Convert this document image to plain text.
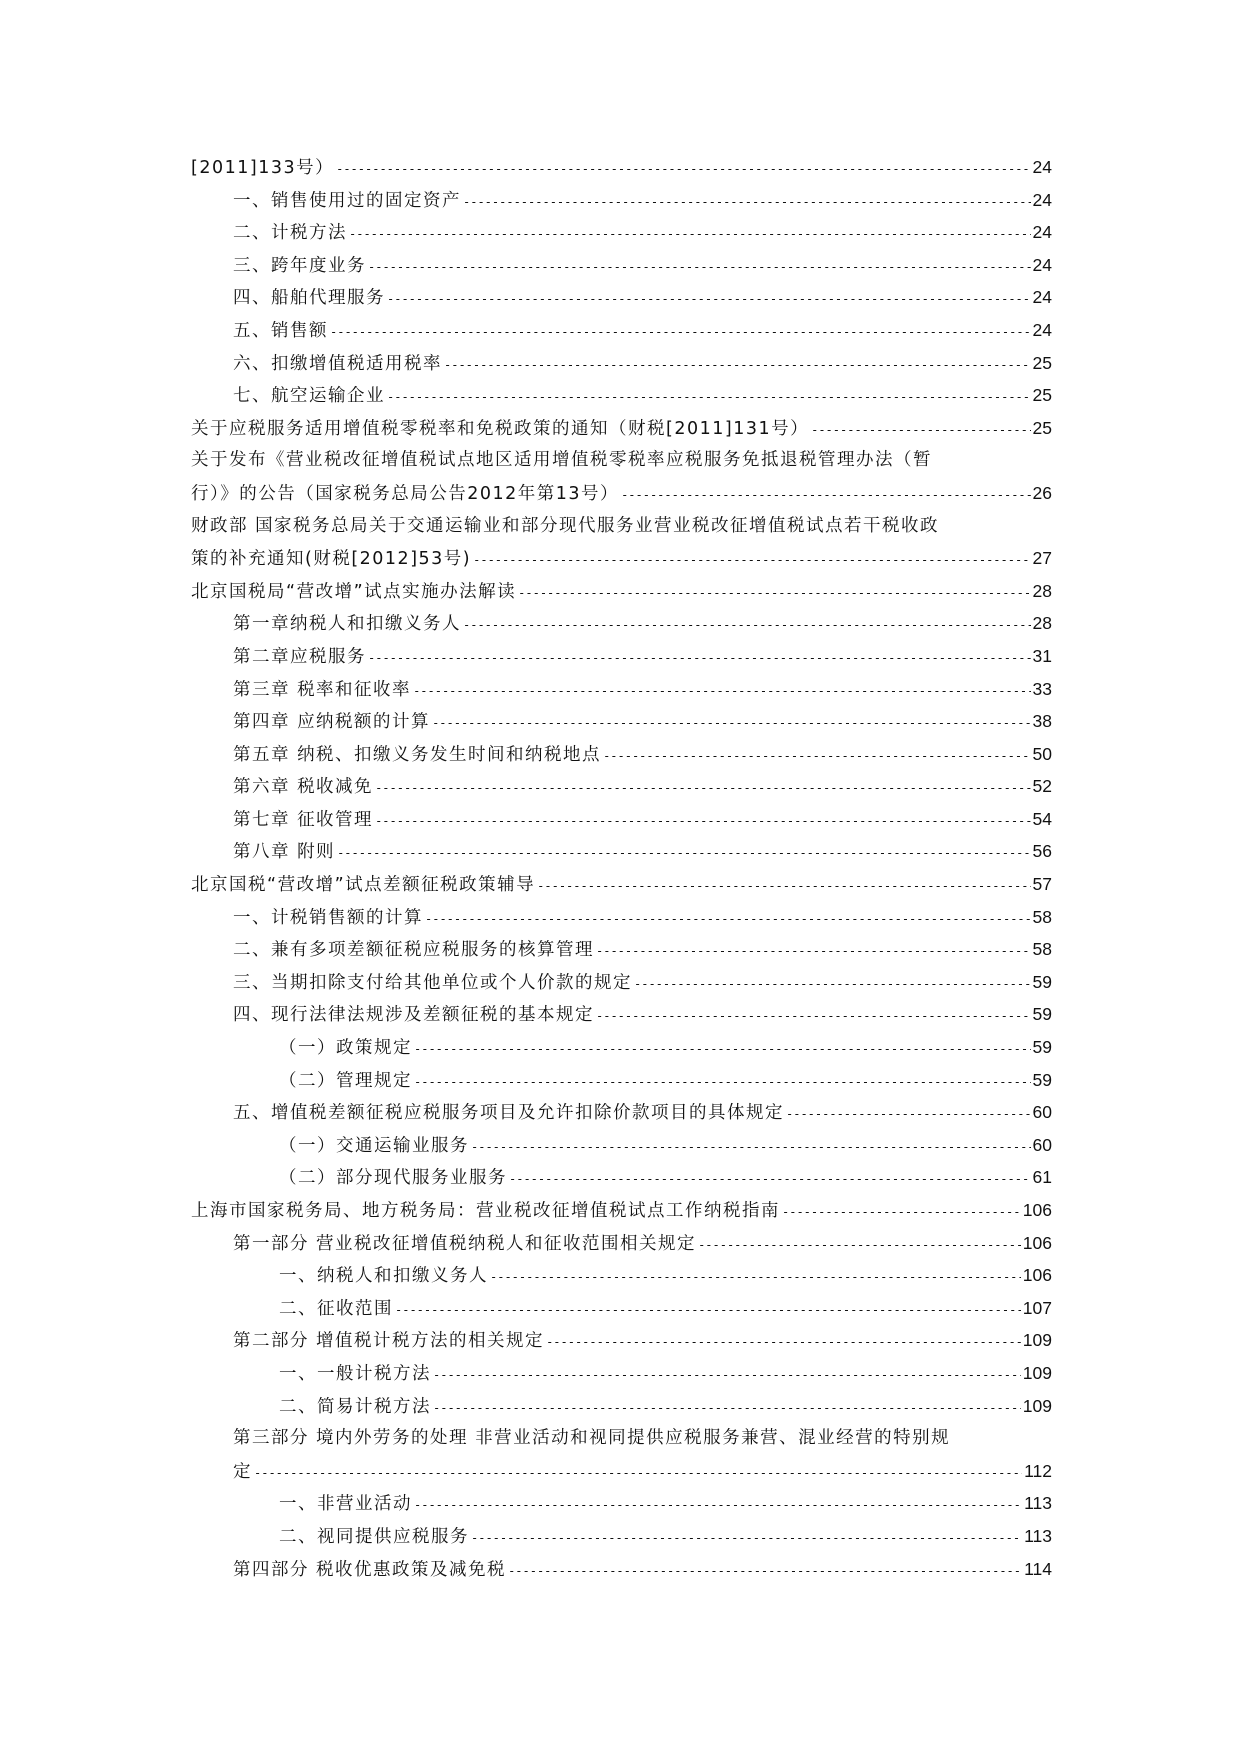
[2011]133号） -----	24
一、销售使用过的固定资产 -----	24
二、计税方法 -----	24
三、跨年度业务 -----	24
四、船舶代理服务 -----	24
五、销售额 -----	24
六、扣缴增值税适用税率 -----	25
七、航空运输企业 -----	25
关于应税服务适用增值税零税率和免税政策的通知（财税[2011]131号） -----	25
关于发布《营业税改征增值税试点地区适用增值税零税率应税服务免抵退税管理办法（暂
行）》的公告（国家税务总局公告2012年第13号） -----	26
财政部 国家税务总局关于交通运输业和部分现代服务业营业税改征增值税试点若干税收政
策的补充通知(财税[2012]53号) -----	27
北京国税局“营改增”试点实施办法解读 -----	28
第一章纳税人和扣缴义务人 -----	28
第二章应税服务 -----	31
第三章 税率和征收率 -----	33
第四章 应纳税额的计算 -----	38
第五章 纳税、扣缴义务发生时间和纳税地点 -----	50
第六章 税收减免 -----	52
第七章 征收管理 -----	54
第八章 附则 -----	56
北京国税“营改增”试点差额征税政策辅导 -----	57
一、计税销售额的计算 -----	58
二、兼有多项差额征税应税服务的核算管理 -----	58
三、当期扣除支付给其他单位或个人价款的规定 -----	59
四、现行法律法规涉及差额征税的基本规定 -----	59
（一）政策规定 -----	59
（二）管理规定 -----	59
五、增值税差额征税应税服务项目及允许扣除价款项目的具体规定 -----	60
（一）交通运输业服务 -----	60
（二）部分现代服务业服务 -----	61
上海市国家税务局、地方税务局：营业税改征增值税试点工作纳税指南 -----	106
第一部分 营业税改征增值税纳税人和征收范围相关规定 -----	106
一、纳税人和扣缴义务人 -----	106
二、征收范围 -----	107
第二部分 增值税计税方法的相关规定 -----	109
一、一般计税方法 -----	109
二、简易计税方法 -----	109
第三部分 境内外劳务的处理 非营业活动和视同提供应税服务兼营、混业经营的特别规
定 -----	112
一、非营业活动 -----	113
二、视同提供应税服务 -----	113
第四部分 税收优惠政策及减免税 -----	114
